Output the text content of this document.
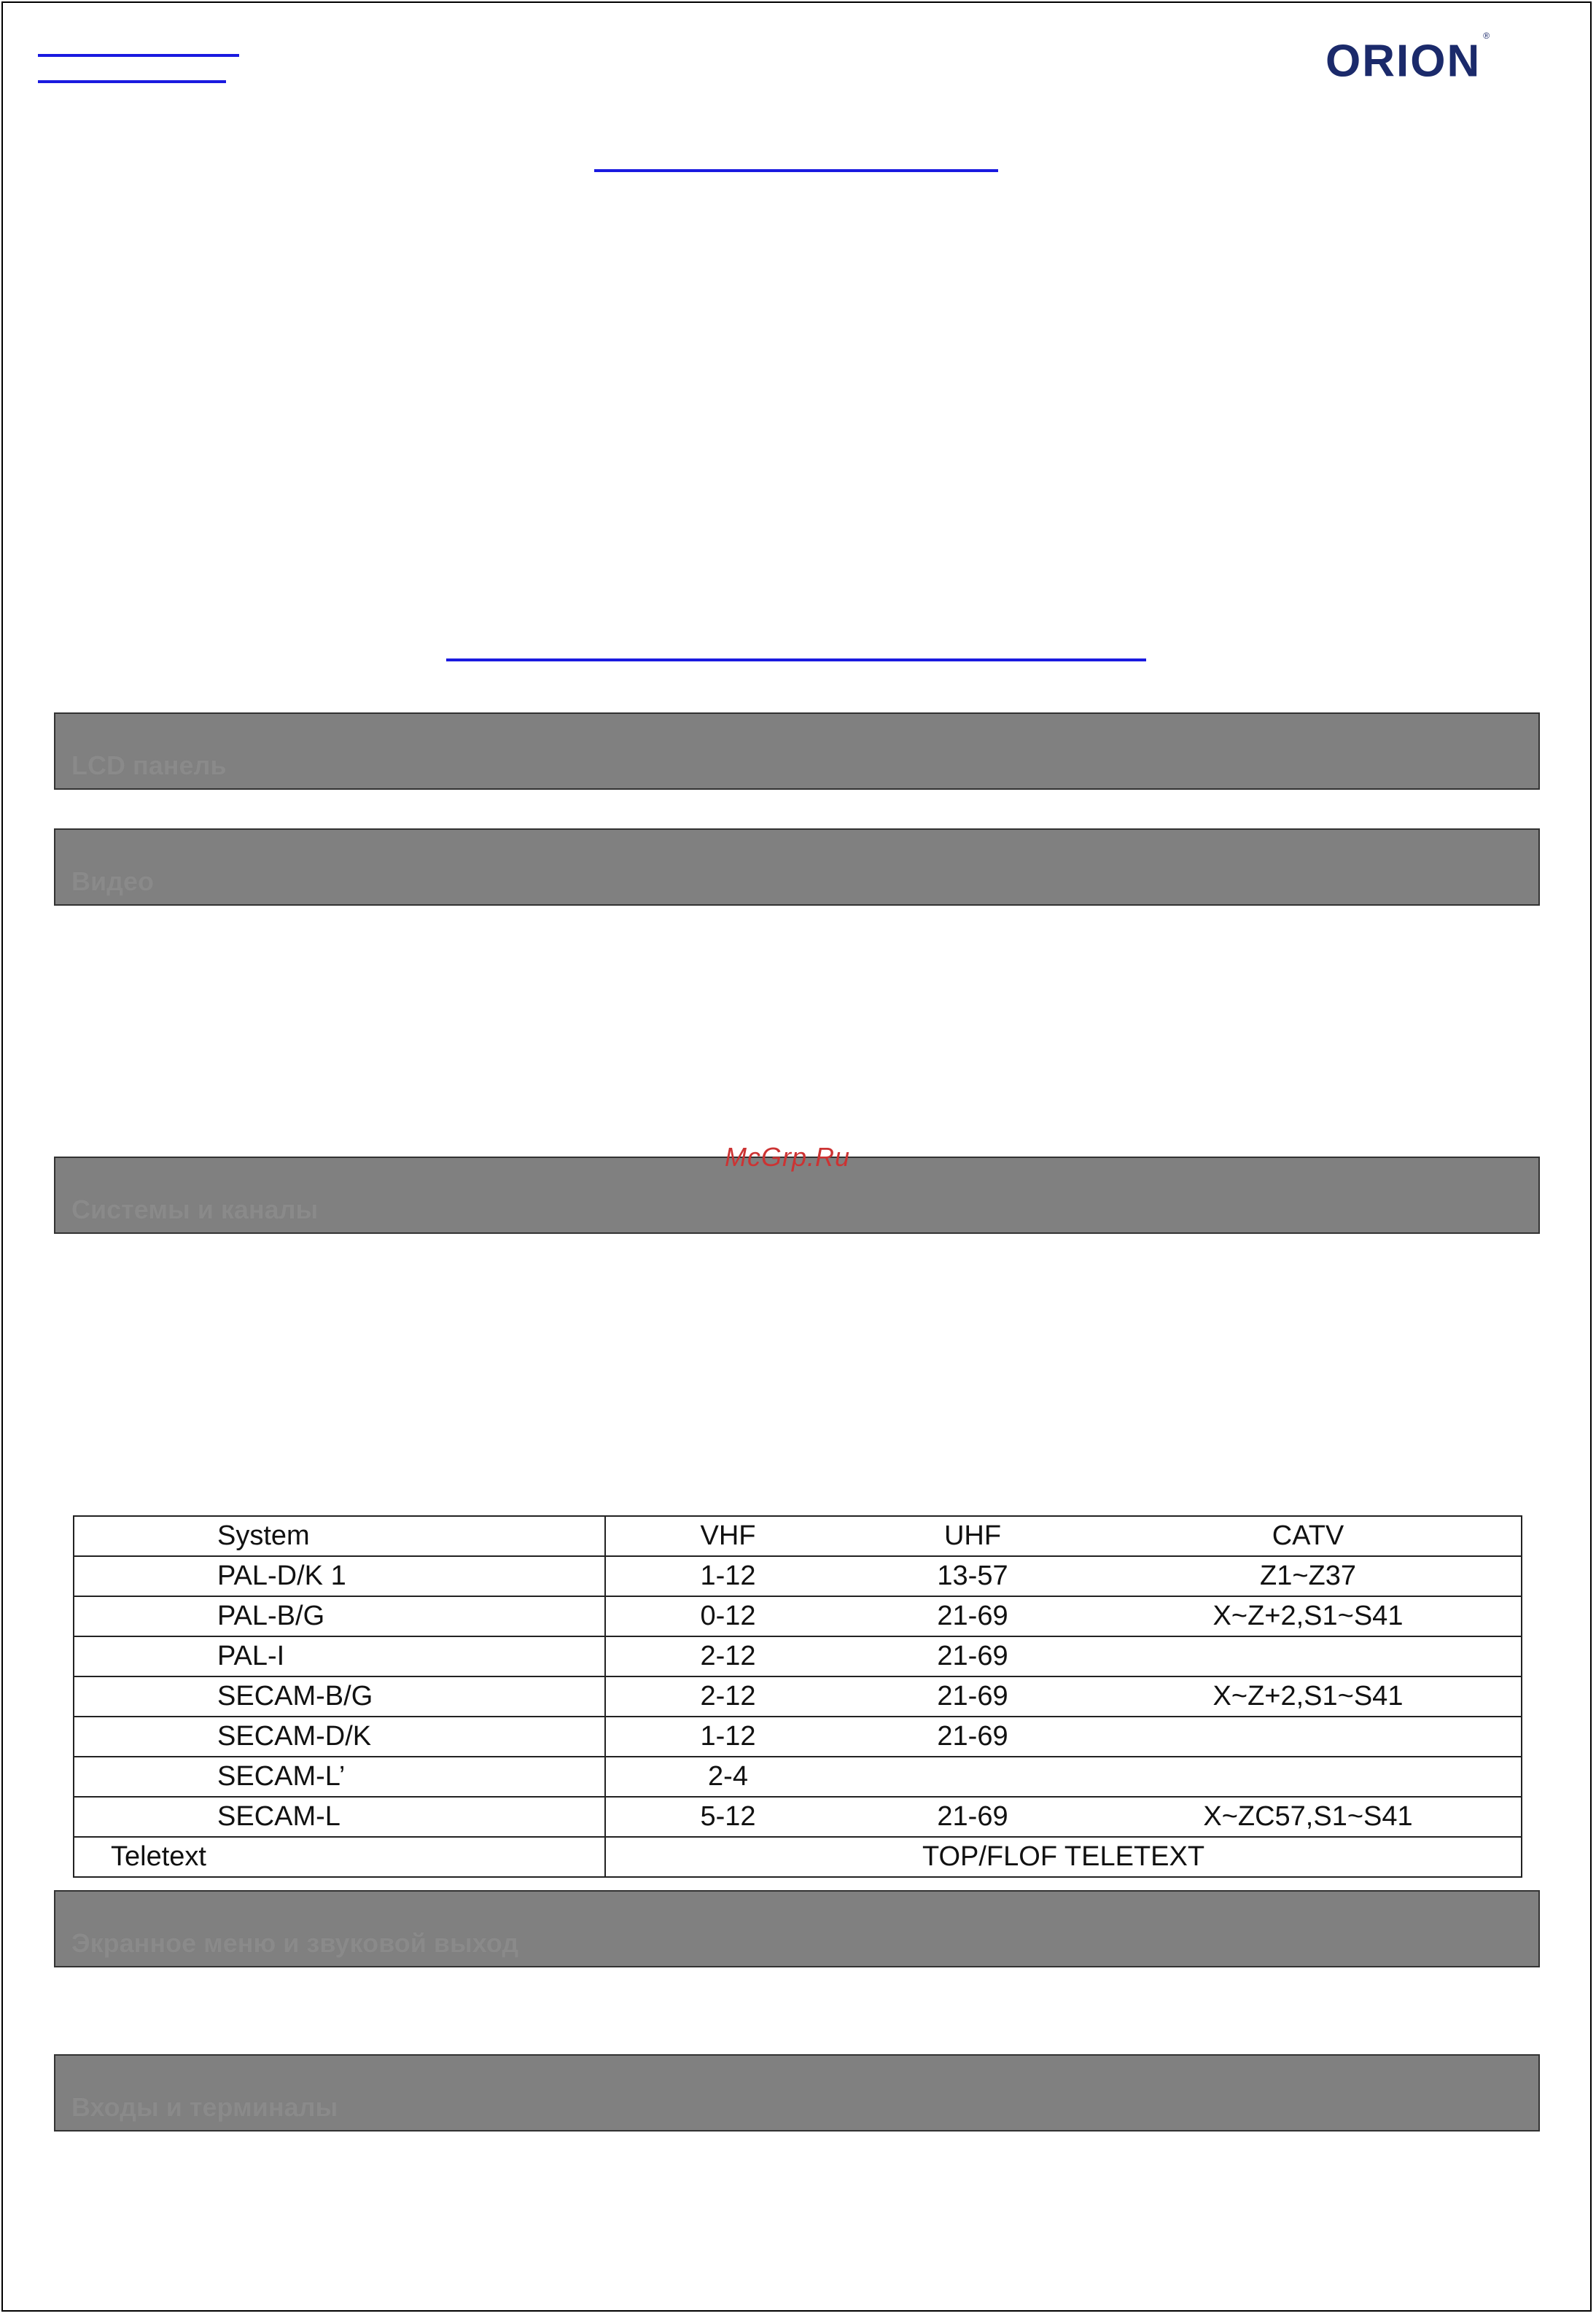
ORION®
LCD панель
Видео
Системы и каналы
McGrp.Ru
System	VHF	UHF	CATV
PAL-D/K 1	1-12	13-57	Z1~Z37
PAL-B/G	0-12	21-69	X~Z+2,S1~S41
PAL-I	2-12	21-69	
SECAM-B/G	2-12	21-69	X~Z+2,S1~S41
SECAM-D/K	1-12	21-69	
SECAM-L’	2-4		
SECAM-L	5-12	21-69	X~ZC57,S1~S41
Teletext	TOP/FLOF TELETEXT		
Экранное меню и звуковой выход
Входы и терминалы
